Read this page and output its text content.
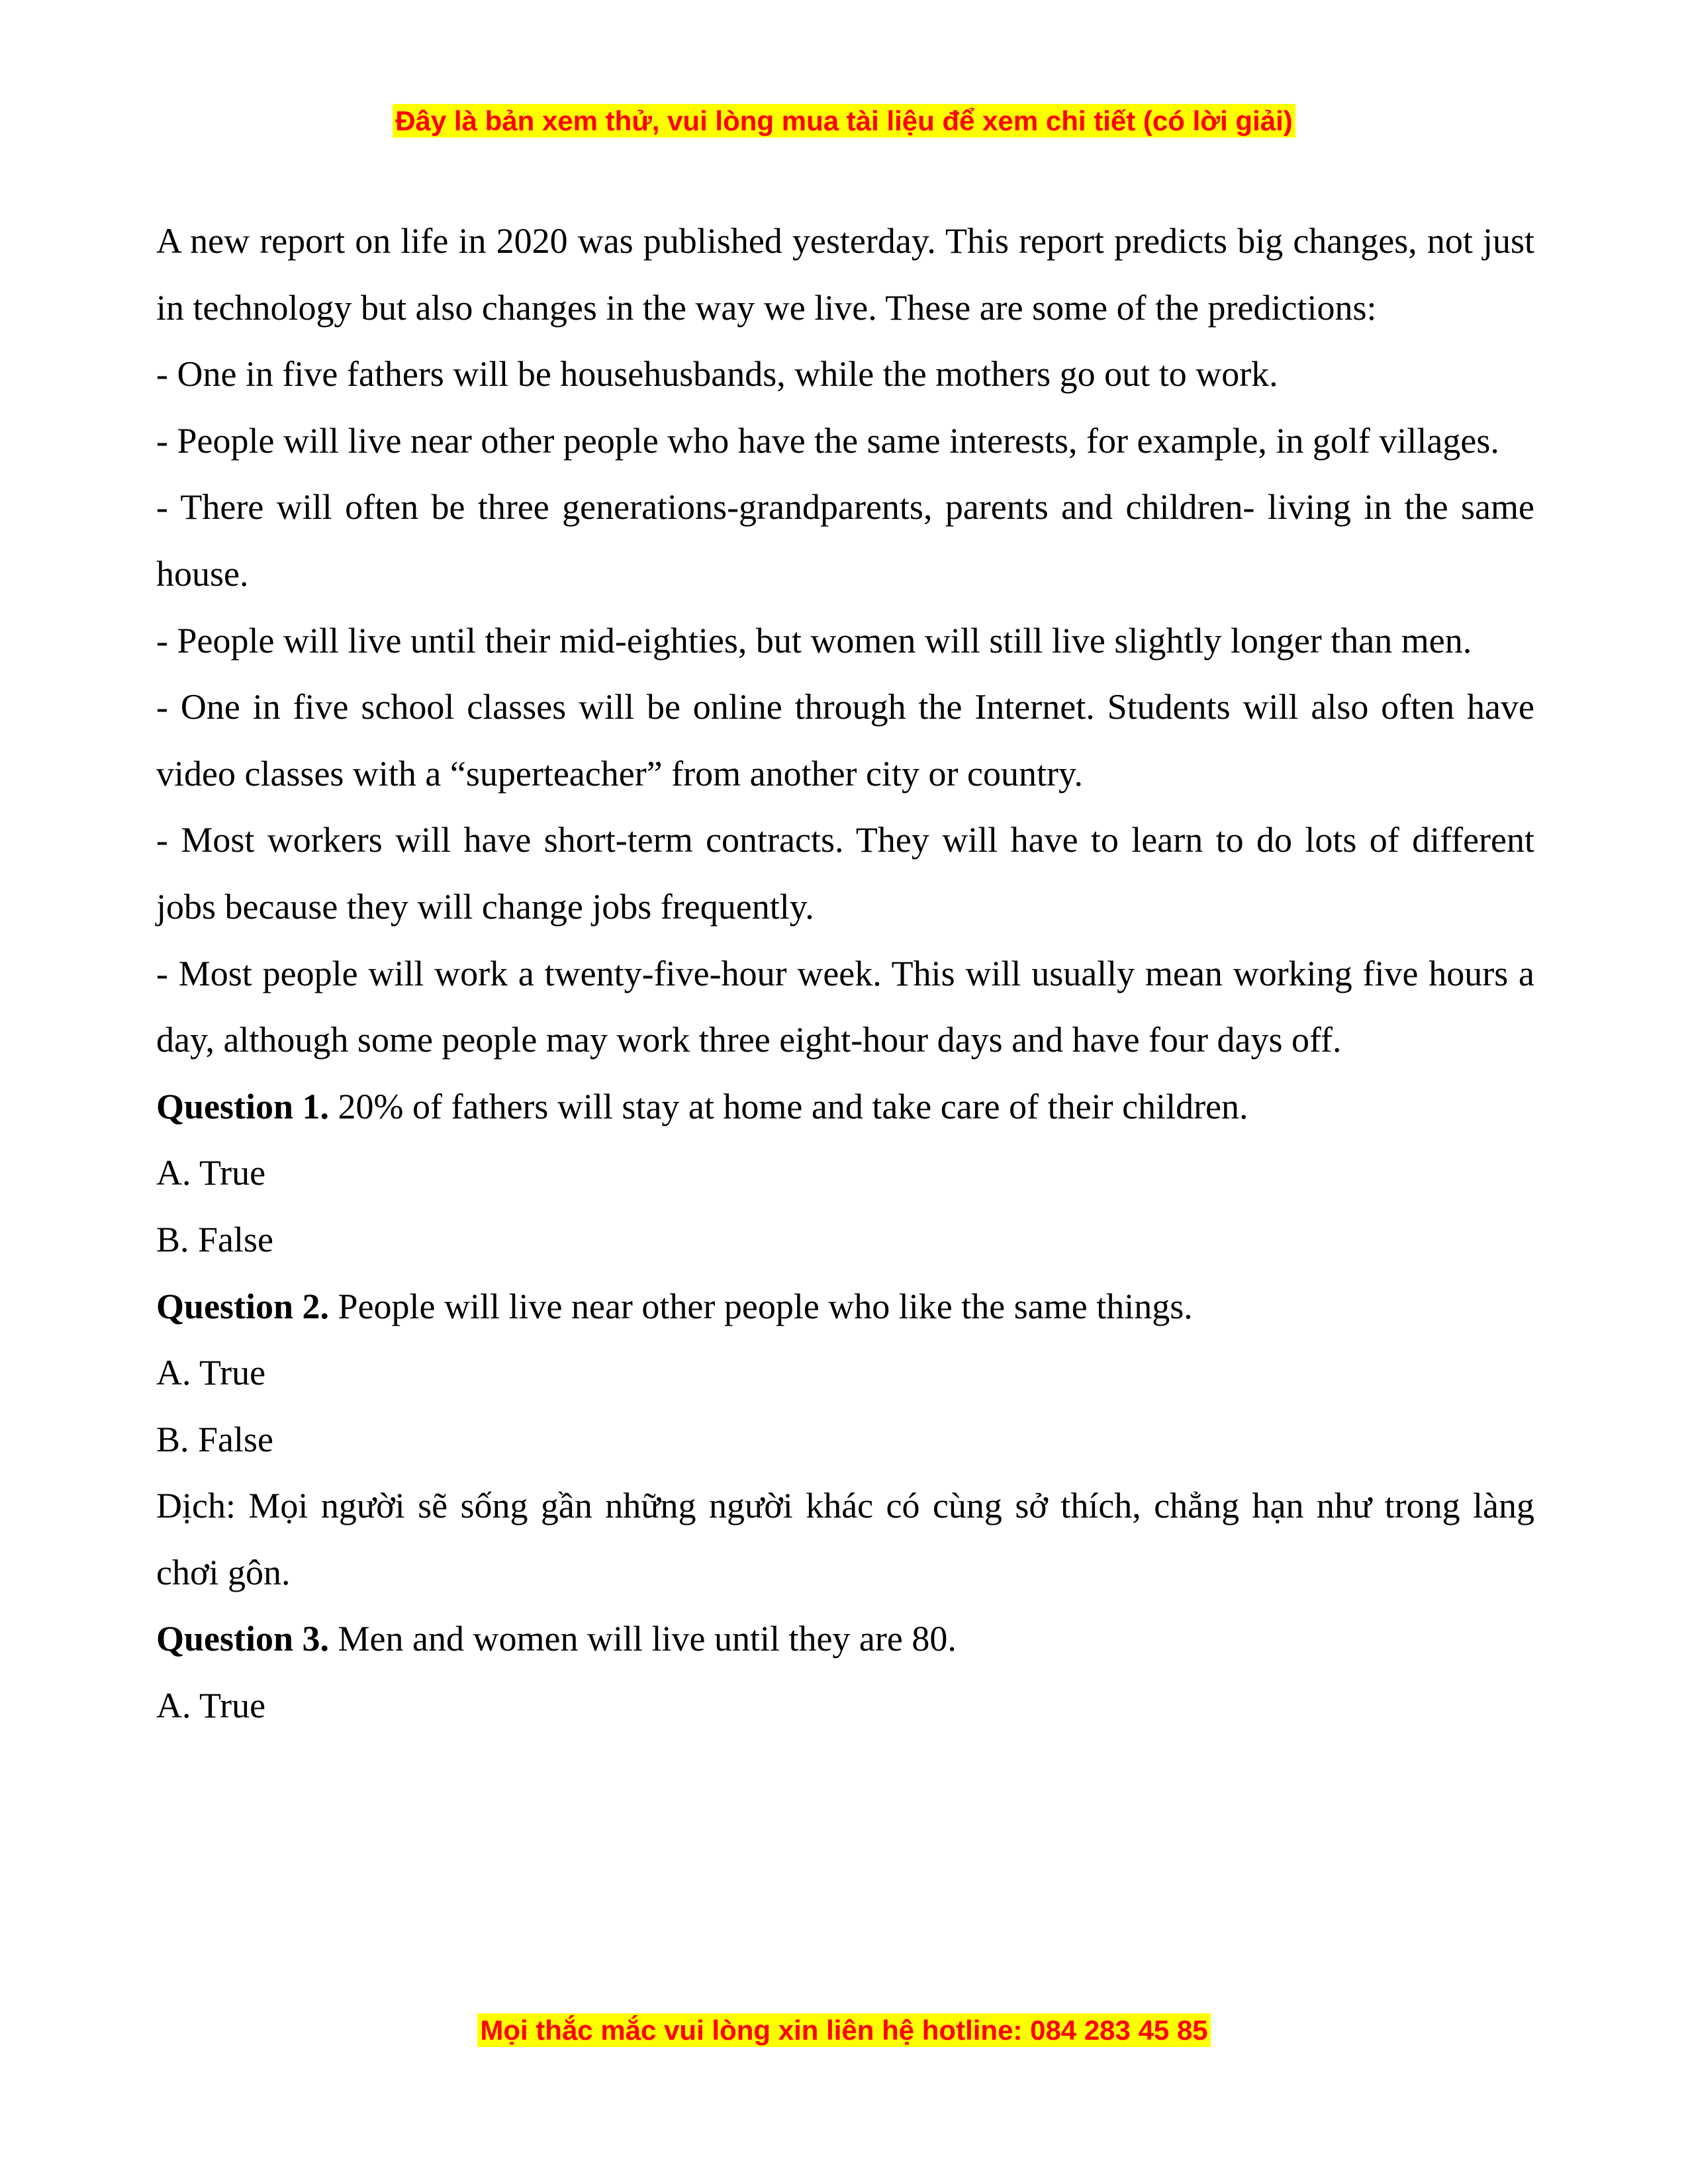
Đây là bản xem thử, vui lòng mua tài liệu để xem chi tiết (có lời giải)

A new report on life in 2020 was published yesterday. This report predicts big changes, not just in technology but also changes in the way we live. These are some of the predictions:

- One in five fathers will be househusbands, while the mothers go out to work.

- People will live near other people who have the same interests, for example, in golf villages.

- There will often be three generations-grandparents, parents and children- living in the same house.

- People will live until their mid-eighties, but women will still live slightly longer than men.

- One in five school classes will be online through the Internet. Students will also often have video classes with a “superteacher” from another city or country.

- Most workers will have short-term contracts. They will have to learn to do lots of different jobs because they will change jobs frequently.

- Most people will work a twenty-five-hour week. This will usually mean working five hours a day, although some people may work three eight-hour days and have four days off.

Question 1. 20% of fathers will stay at home and take care of their children.

A. True

B. False

Question 2. People will live near other people who like the same things.

A. True

B. False

Dịch: Mọi người sẽ sống gần những người khác có cùng sở thích, chẳng hạn như trong làng chơi gôn.

Question 3. Men and women will live until they are 80.

A. True

Mọi thắc mắc vui lòng xin liên hệ hotline: 084 283 45 85
